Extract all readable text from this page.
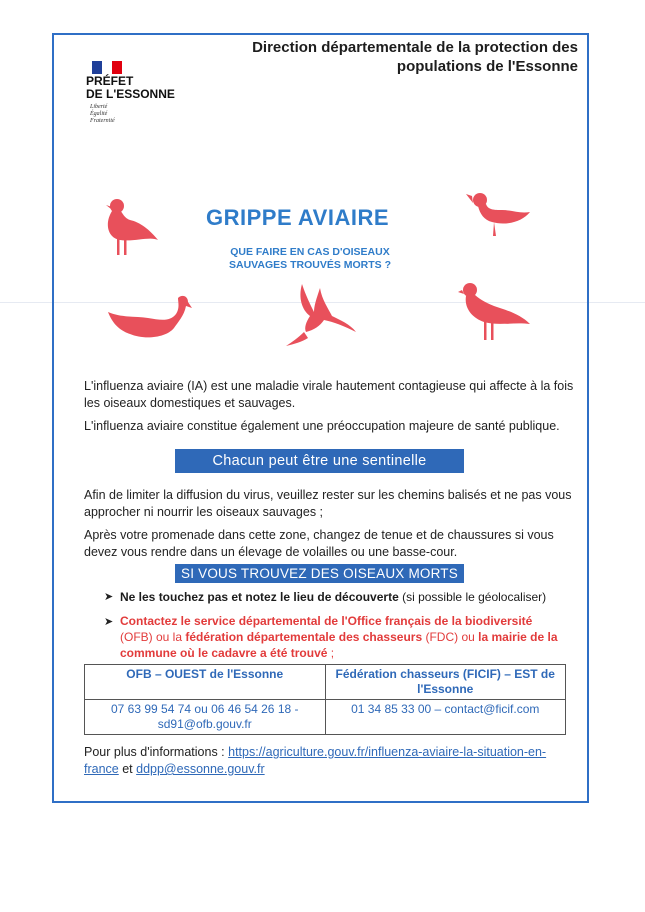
Direction départementale de la protection des
populations de l'Essonne
PRÉFET
DE L'ESSONNE
Liberté
Égalité
Fraternité
GRIPPE AVIAIRE
QUE FAIRE EN CAS D'OISEAUX
SAUVAGES TROUVÉS MORTS ?
L'influenza aviaire (IA) est une maladie virale hautement contagieuse qui affecte à la fois les oiseaux domestiques et sauvages.
L'influenza aviaire constitue également une préoccupation majeure de santé publique.
Chacun peut être une sentinelle
Afin de limiter la diffusion du virus, veuillez rester sur les chemins balisés et ne pas vous approcher ni nourrir les oiseaux sauvages ;
Après votre promenade dans cette zone, changez de tenue et de chaussures si vous devez vous rendre dans un élevage de volailles ou une basse-cour.
SI VOUS TROUVEZ DES OISEAUX MORTS
➤ Ne les touchez pas et notez le lieu de découverte (si possible le géolocaliser)
➤ Contactez le service départemental de l'Office français de la biodiversité (OFB) ou la fédération départementale des chasseurs (FDC) ou la mairie de la commune où le cadavre a été trouvé ;
OFB – OUEST de l'Essonne	Fédération chasseurs (FICIF) – EST de l'Essonne
07 63 99 54 74 ou 06 46 54 26 18 - sd91@ofb.gouv.fr	01 34 85 33 00 – contact@ficif.com
Pour plus d'informations : https://agriculture.gouv.fr/influenza-aviaire-la-situation-en-france et ddpp@essonne.gouv.fr
